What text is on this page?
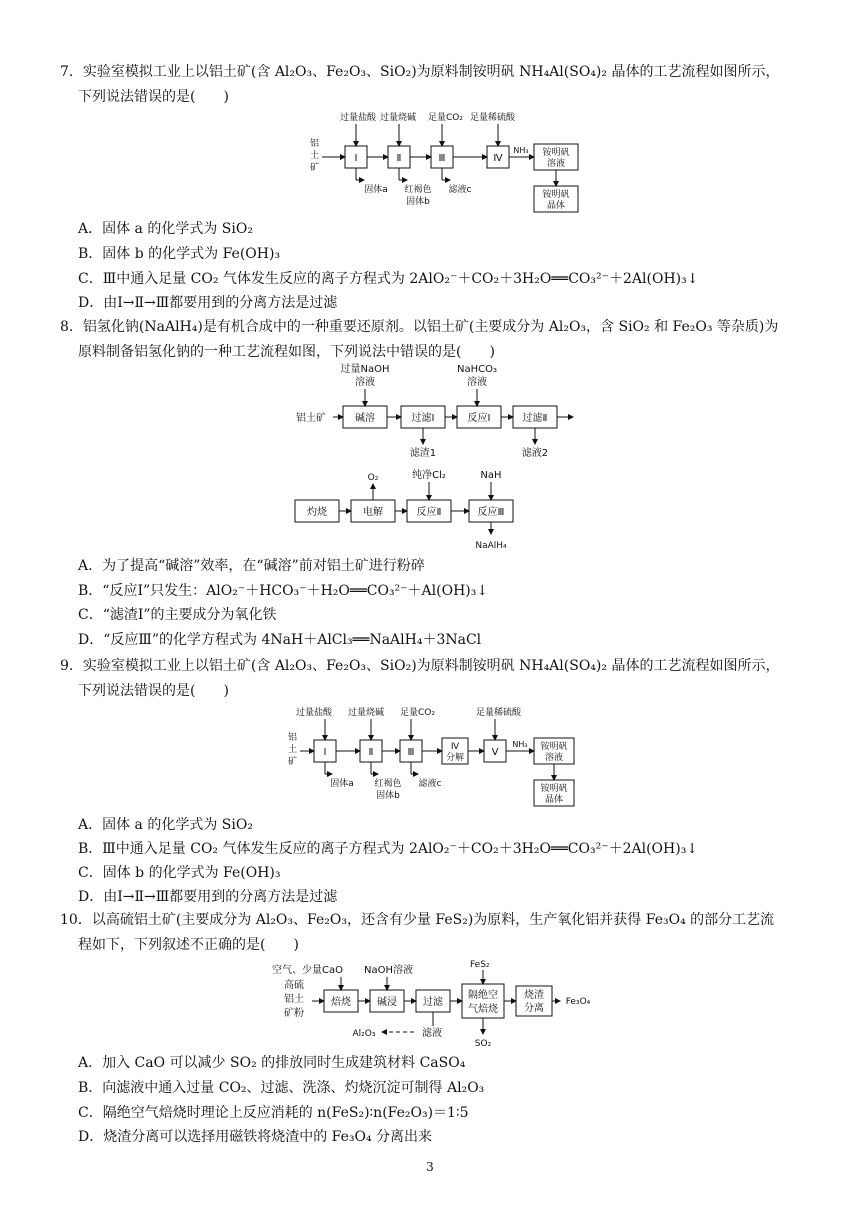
7．实验室模拟工业上以铝土矿(含 Al₂O₃、Fe₂O₃、SiO₂)为原料制铵明矾 NH₄Al(SO₄)₂ 晶体的工艺流程如图所示，
下列说法错误的是(　　)
铝
土
矿
过量盐酸 过量烧碱 足量CO₂ 足量稀硫酸
Ⅰ	Ⅱ	Ⅲ	Ⅳ	铵明矾
溶液
铵明矾
晶体
NH₃
固体a 红褐色
固体b
滤液c
A．固体 a 的化学式为 SiO₂
B．固体 b 的化学式为 Fe(OH)₃
C．Ⅲ中通入足量 CO₂ 气体发生反应的离子方程式为 2AlO₂⁻＋CO₂＋3H₂O══CO₃²⁻＋2Al(OH)₃↓
D．由Ⅰ→Ⅱ→Ⅲ都要用到的分离方法是过滤
8．铝氢化钠(NaAlH₄)是有机合成中的一种重要还原剂。以铝土矿(主要成分为 Al₂O₃，含 SiO₂ 和 Fe₂O₃ 等杂质)为
原料制备铝氢化钠的一种工艺流程如图，下列说法中错误的是(　　)
过量NaOH
溶液
NaHCO₃
溶液
铝土矿	碱溶	过滤Ⅰ	反应Ⅰ	过滤Ⅱ
滤渣1	滤液2
O₂	纯净Cl₂	NaH
灼烧	电解	反应Ⅱ	反应Ⅲ
NaAlH₄
A．为了提高“碱溶”效率，在“碱溶”前对铝土矿进行粉碎
B．“反应Ⅰ”只发生：AlO₂⁻＋HCO₃⁻＋H₂O══CO₃²⁻＋Al(OH)₃↓
C．“滤渣Ⅰ”的主要成分为氧化铁
D．“反应Ⅲ”的化学方程式为 4NaH＋AlCl₃══NaAlH₄＋3NaCl
9．实验室模拟工业上以铝土矿(含 Al₂O₃、Fe₂O₃、SiO₂)为原料制铵明矾 NH₄Al(SO₄)₂ 晶体的工艺流程如图所示，
下列说法错误的是(　　)
铝
土
矿
过量盐酸 过量烧碱 足量CO₂	足量稀硫酸
Ⅰ	Ⅱ	Ⅲ	Ⅳ
分解	Ⅴ	铵明矾
溶液
铵明矾
晶体
NH₃
固体a 红褐色
固体b
滤液c
A．固体 a 的化学式为 SiO₂
B．Ⅲ中通入足量 CO₂ 气体发生反应的离子方程式为 2AlO₂⁻＋CO₂＋3H₂O══CO₃²⁻＋2Al(OH)₃↓
C．固体 b 的化学式为 Fe(OH)₃
D．由Ⅰ→Ⅱ→Ⅲ都要用到的分离方法是过滤
10．以高硫铝土矿(主要成分为 Al₂O₃、Fe₂O₃，还含有少量 FeS₂)为原料，生产氧化铝并获得 Fe₃O₄ 的部分工艺流
程如下，下列叙述不正确的是(　　)
空气、少量CaO NaOH溶液	FeS₂
高硫
铝土
矿粉
焙烧	碱浸	过滤
隔绝空
气焙烧
烧渣
分离
Fe₃O₄
滤液
Al₂O₃
SO₂
A．加入 CaO 可以减少 SO₂ 的排放同时生成建筑材料 CaSO₄
B．向滤液中通入过量 CO₂、过滤、洗涤、灼烧沉淀可制得 Al₂O₃
C．隔绝空气焙烧时理论上反应消耗的 n(FeS₂)∶n(Fe₂O₃)＝1∶5
D．烧渣分离可以选择用磁铁将烧渣中的 Fe₃O₄ 分离出来
3
